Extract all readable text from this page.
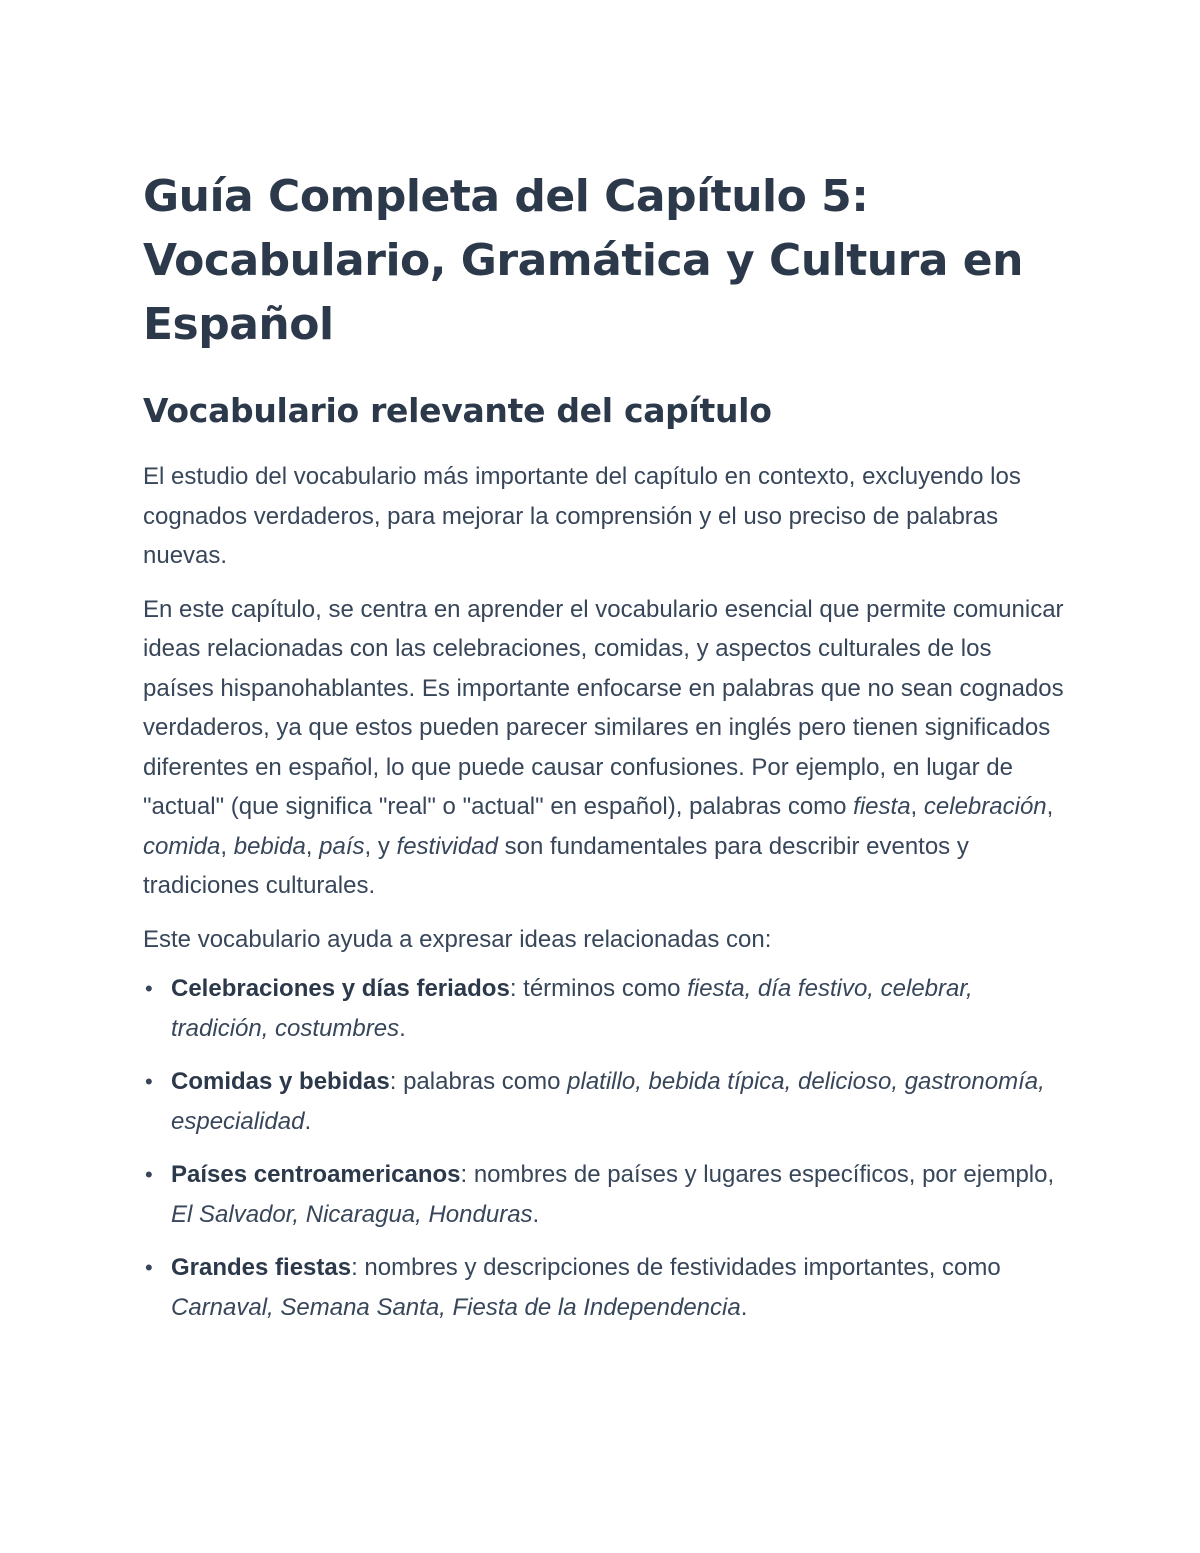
Guía Completa del Capítulo 5:
Vocabulario, Gramática y Cultura en
Español
Vocabulario relevante del capítulo

El estudio del vocabulario más importante del capítulo en contexto, excluyendo los cognados verdaderos, para mejorar la comprensión y el uso preciso de palabras nuevas.

En este capítulo, se centra en aprender el vocabulario esencial que permite comunicar ideas relacionadas con las celebraciones, comidas, y aspectos culturales de los países hispanohablantes. Es importante enfocarse en palabras que no sean cognados verdaderos, ya que estos pueden parecer similares en inglés pero tienen significados diferentes en español, lo que puede causar confusiones. Por ejemplo, en lugar de "actual" (que significa "real" o "actual" en español), palabras como fiesta, celebración, comida, bebida, país, y festividad son fundamentales para describir eventos y tradiciones culturales.

Este vocabulario ayuda a expresar ideas relacionadas con:

• Celebraciones y días feriados: términos como fiesta, día festivo, celebrar, tradición, costumbres.
• Comidas y bebidas: palabras como platillo, bebida típica, delicioso, gastronomía, especialidad.
• Países centroamericanos: nombres de países y lugares específicos, por ejemplo, El Salvador, Nicaragua, Honduras.
• Grandes fiestas: nombres y descripciones de festividades importantes, como Carnaval, Semana Santa, Fiesta de la Independencia.
